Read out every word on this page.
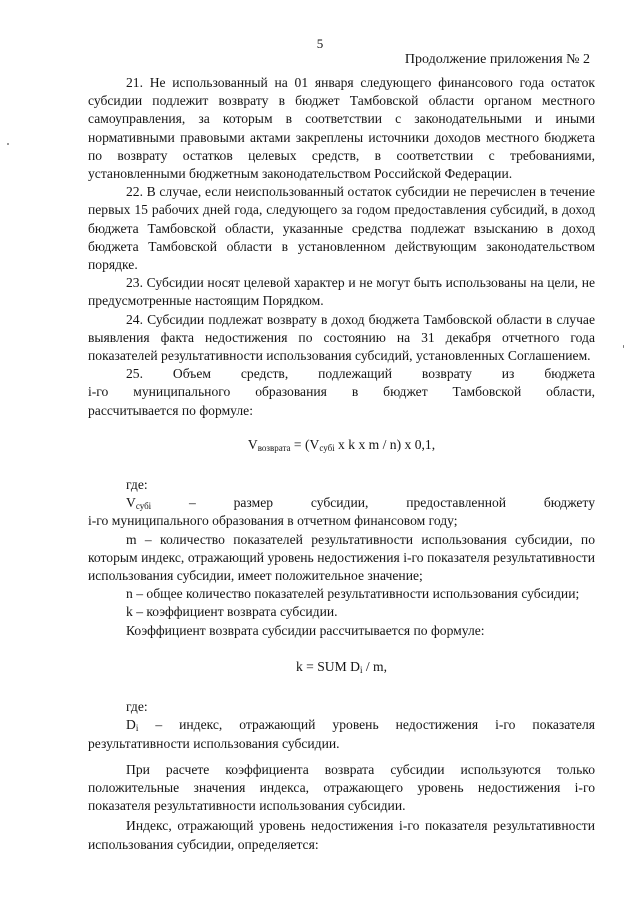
5
Продолжение приложения № 2

21. Не использованный на 01 января следующего финансового года остаток субсидии подлежит возврату в бюджет Тамбовской области органом местного самоуправления, за которым в соответствии с законодательными и иными нормативными правовыми актами закреплены источники доходов местного бюджета по возврату остатков целевых средств, в соответствии с требованиями, установленными бюджетным законодательством Российской Федерации.

22. В случае, если неиспользованный остаток субсидии не перечислен в течение первых 15 рабочих дней года, следующего за годом предоставления субсидий, в доход бюджета Тамбовской области, указанные средства подлежат взысканию в доход бюджета Тамбовской области в установленном действующим законодательством порядке.

23. Субсидии носят целевой характер и не могут быть использованы на цели, не предусмотренные настоящим Порядком.

24. Субсидии подлежат возврату в доход бюджета Тамбовской области в случае выявления факта недостижения по состоянию на 31 декабря отчетного года показателей результативности использования субсидий, установленных Соглашением.

25.      Объем      средств,      подлежащий      возврату      из      бюджета

i-го     муниципального     образования     в     бюджет     Тамбовской     области,

рассчитывается по формуле:

$V_{возврата} = (V_{субi}$ x k x m / n) x 0,1,

где:

$V_{субi}$	–	размер	субсидии,	предоставленной	бюджету

i-го муниципального образования в отчетном финансовом году;

m – количество показателей результативности использования субсидии, по которым индекс, отражающий уровень недостижения i-го показателя результативности использования субсидии, имеет положительное значение;

n – общее количество показателей результативности использования субсидии;

k – коэффициент возврата субсидии.

Коэффициент возврата субсидии рассчитывается по формуле:

k = SUM $D_i$ / m,

где:

$D_i$ – индекс, отражающий уровень недостижения i-го показателя результативности использования субсидии.

При расчете коэффициента возврата субсидии используются только положительные значения индекса, отражающего уровень недостижения i-го показателя результативности использования субсидии.

Индекс, отражающий уровень недостижения i-го показателя результативности использования субсидии, определяется:
